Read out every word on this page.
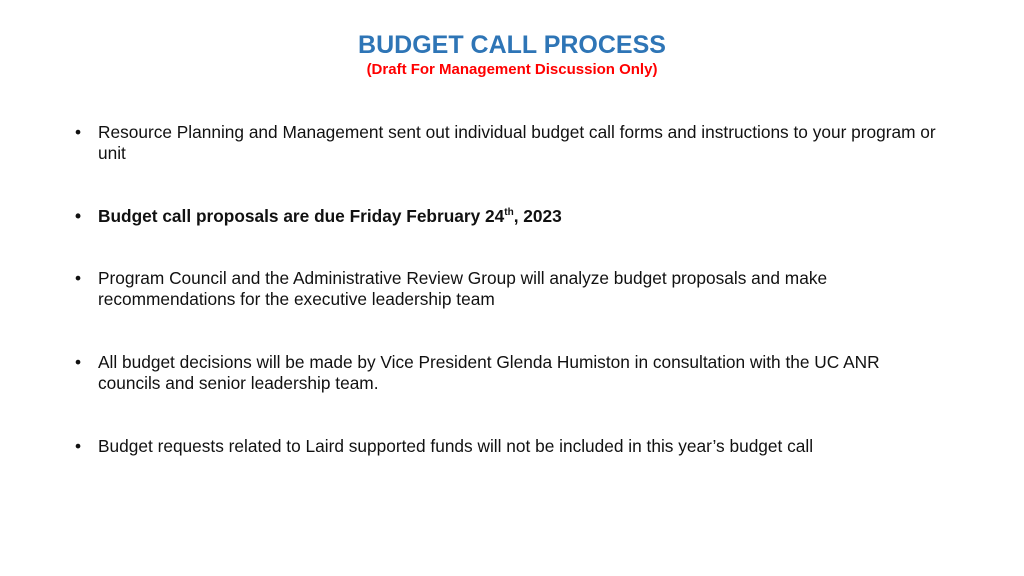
BUDGET CALL PROCESS
(Draft For Management Discussion Only)
• Resource Planning and Management sent out individual budget call forms and instructions to your program or unit
• Budget call proposals are due Friday February 24th, 2023
• Program Council and the Administrative Review Group will analyze budget proposals and make recommendations for the executive leadership team
• All budget decisions will be made by Vice President Glenda Humiston in consultation with the UC ANR councils and senior leadership team.
• Budget requests related to Laird supported funds will not be included in this year’s budget call
